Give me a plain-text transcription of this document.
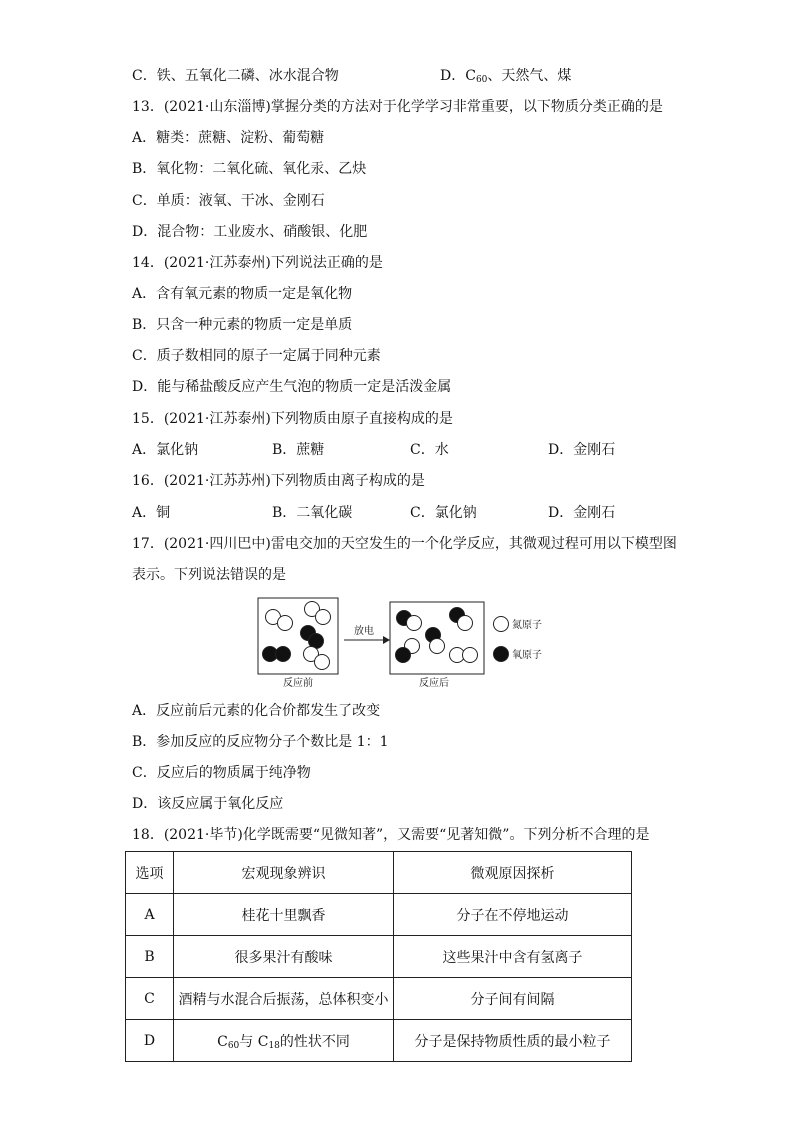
C．铁、五氧化二磷、冰水混合物	D．$C_{60}$、天然气、煤
13．(2021·山东淄博)掌握分类的方法对于化学学习非常重要，以下物质分类正确的是
A．糖类：蔗糖、淀粉、葡萄糖
B．氧化物：二氧化硫、氧化汞、乙炔
C．单质：液氧、干冰、金刚石
D．混合物：工业废水、硝酸银、化肥
14．(2021·江苏泰州)下列说法正确的是
A．含有氧元素的物质一定是氧化物
B．只含一种元素的物质一定是单质
C．质子数相同的原子一定属于同种元素
D．能与稀盐酸反应产生气泡的物质一定是活泼金属
15．(2021·江苏泰州)下列物质由原子直接构成的是
A．氯化钠	B．蔗糖	C．水	D．金刚石
16．(2021·江苏苏州)下列物质由离子构成的是
A．铜	B．二氧化碳	C．氯化钠	D．金刚石
17．(2021·四川巴中)雷电交加的天空发生的一个化学反应，其微观过程可用以下模型图
表示。下列说法错误的是
放电
氮原子
氧原子
反应前	反应后
A．反应前后元素的化合价都发生了改变
B．参加反应的反应物分子个数比是 1：1
C．反应后的物质属于纯净物
D．该反应属于氧化反应
18．(2021·毕节)化学既需要“见微知著”，又需要“见著知微”。下列分析不合理的是
选项	宏观现象辨识	微观原因探析
A	桂花十里飘香	分子在不停地运动
B	很多果汁有酸味	这些果汁中含有氢离子
C	酒精与水混合后振荡，总体积变小	分子间有间隔
D	$C_{60}$与 $C_{18}$的性状不同	分子是保持物质性质的最小粒子
